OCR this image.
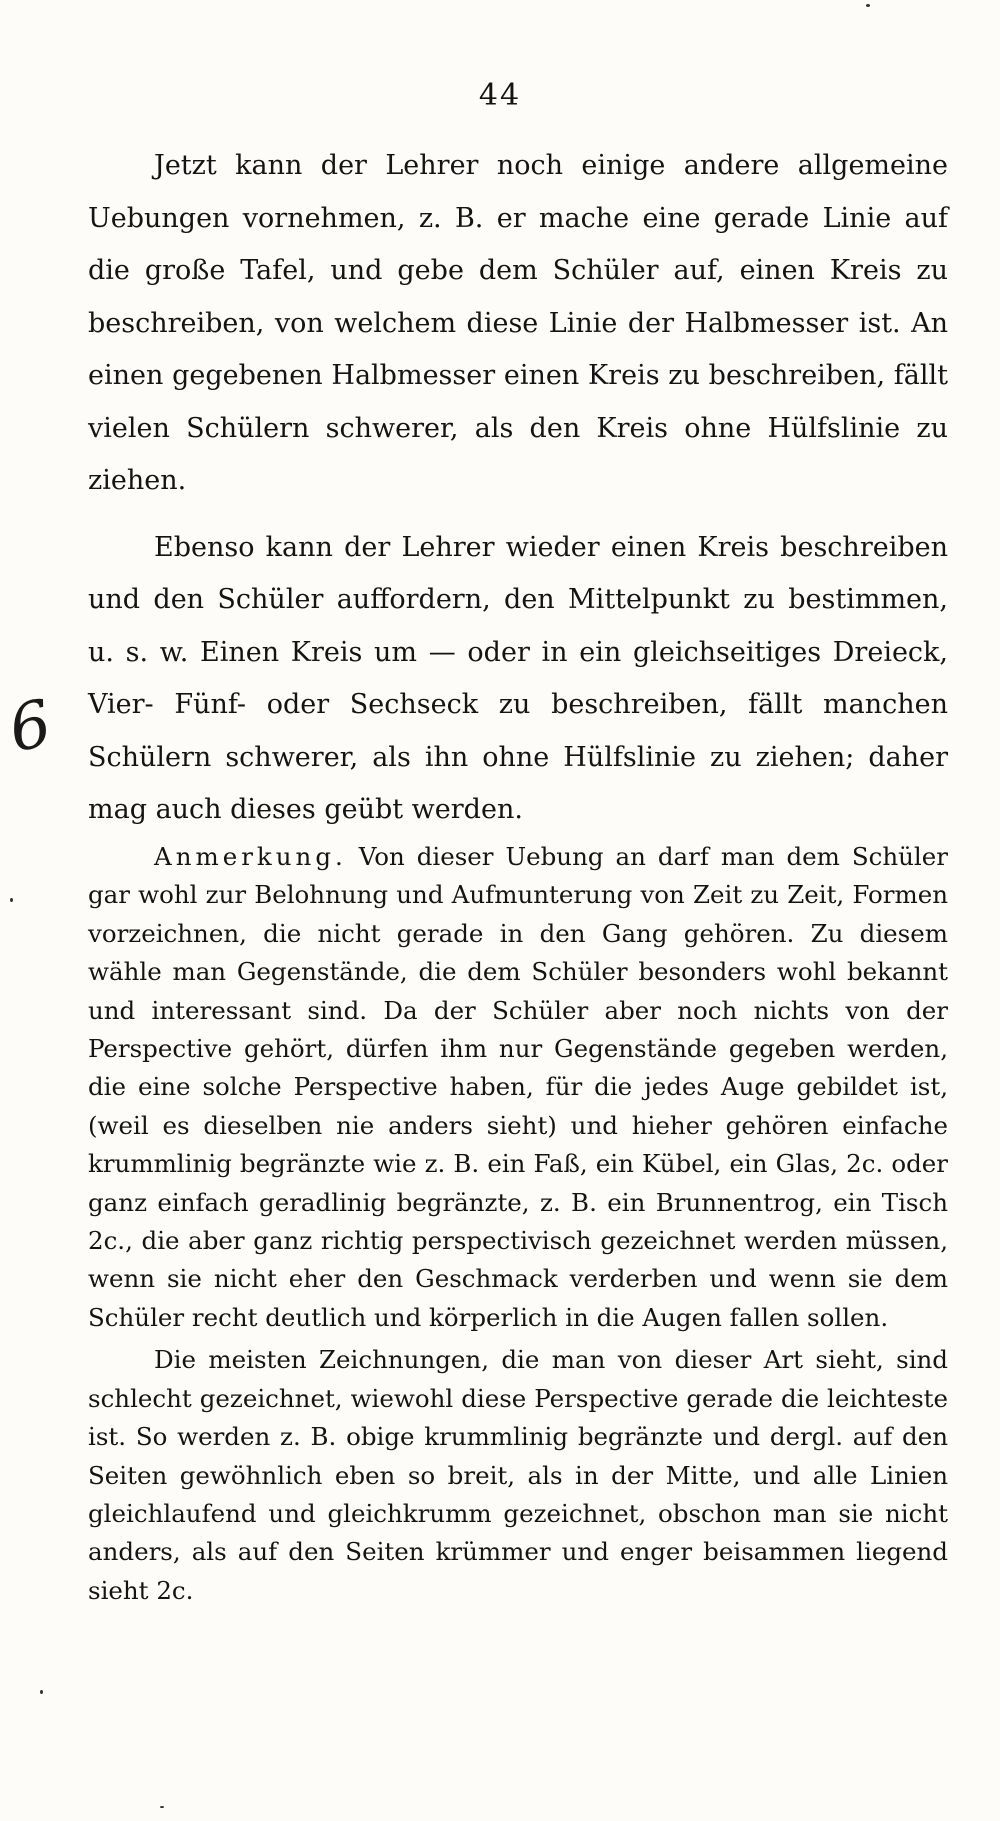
44

Jetzt kann der Lehrer noch einige andere allgemeine Uebungen vornehmen, z. B. er mache eine gerade Linie auf die große Tafel, und gebe dem Schüler auf, einen Kreis zu beschreiben, von welchem diese Linie der Halbmesser ist. An einen gegebenen Halbmesser einen Kreis zu beschreiben, fällt vielen Schülern schwerer, als den Kreis ohne Hülfslinie zu ziehen.

Ebenso kann der Lehrer wieder einen Kreis beschreiben und den Schüler auffordern, den Mittelpunkt zu bestimmen, u. s. w. Einen Kreis um — oder in ein gleichseitiges Dreieck, Vier- Fünf- oder Sechseck zu beschreiben, fällt manchen Schülern schwerer, als ihn ohne Hülfslinie zu ziehen; daher mag auch dieses geübt werden.

6

Anmerkung. Von dieser Uebung an darf man dem Schüler gar wohl zur Belohnung und Aufmunterung von Zeit zu Zeit, Formen vorzeichnen, die nicht gerade in den Gang gehören. Zu diesem wähle man Gegenstände, die dem Schüler besonders wohl bekannt und interessant sind. Da der Schüler aber noch nichts von der Perspective gehört, dürfen ihm nur Gegenstände gegeben werden, die eine solche Perspective haben, für die jedes Auge gebildet ist, (weil es dieselben nie anders sieht) und hieher gehören einfache krummlinig begränzte wie z. B. ein Faß, ein Kübel, ein Glas, 2c. oder ganz einfach geradlinig begränzte, z. B. ein Brunnentrog, ein Tisch 2c., die aber ganz richtig perspectivisch gezeichnet werden müssen, wenn sie nicht eher den Geschmack verderben und wenn sie dem Schüler recht deutlich und körperlich in die Augen fallen sollen.

Die meisten Zeichnungen, die man von dieser Art sieht, sind schlecht gezeichnet, wiewohl diese Perspective gerade die leichteste ist. So werden z. B. obige krummlinig begränzte und dergl. auf den Seiten gewöhnlich eben so breit, als in der Mitte, und alle Linien gleichlaufend und gleichkrumm gezeichnet, obschon man sie nicht anders, als auf den Seiten krümmer und enger beisammen liegend sieht 2c.
